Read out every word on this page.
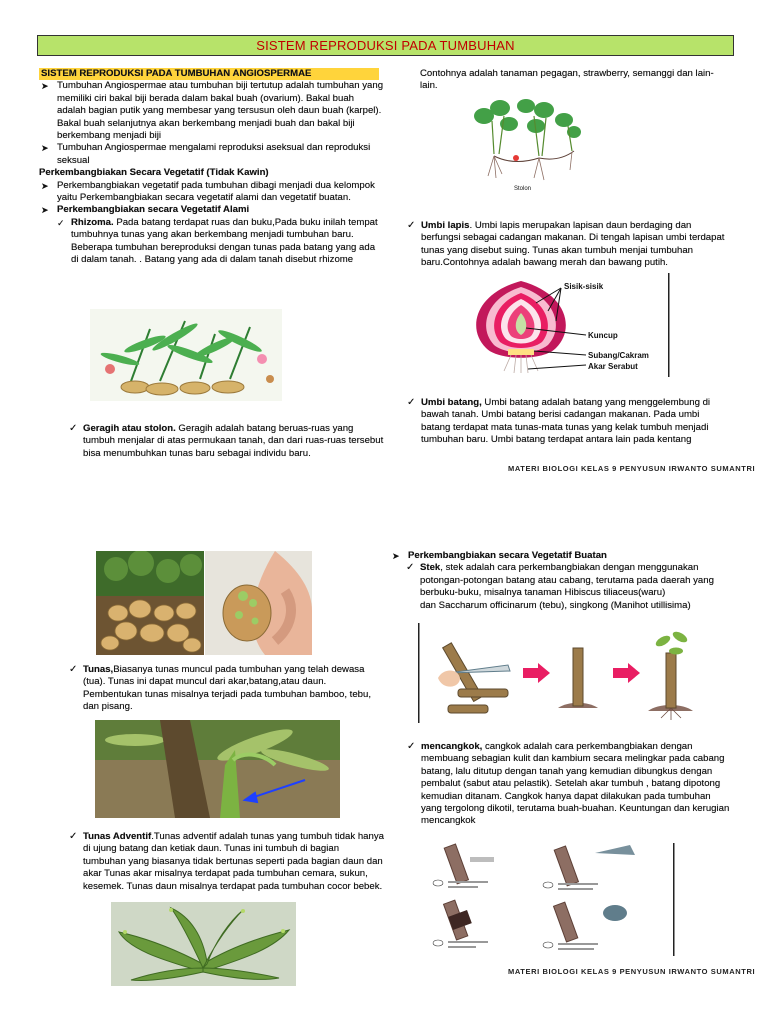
SISTEM REPRODUKSI PADA TUMBUHAN
SISTEM REPRODUKSI PADA TUMBUHAN ANGIOSPERMAE

➤ Tumbuhan Angiospermae atau tumbuhan biji tertutup adalah tumbuhan yang memiliki ciri bakal biji berada dalam bakal buah (ovarium). Bakal buah adalah bagian putik yang membesar yang tersusun oleh daun buah (karpel). Bakal buah selanjutnya akan berkembang menjadi buah dan bakal biji berkembang menjadi biji

➤ Tumbuhan Angiospermae mengalami reproduksi aseksual dan reproduksi seksual

Perkembangbiakan Secara Vegetatif (Tidak Kawin)

➤ Perkembangbiakan vegetatif pada tumbuhan dibagi menjadi dua kelompok yaitu Perkembangbiakan secara vegetatif alami dan vegetatif buatan.

➤ Perkembangbiakan secara Vegetatif Alami

✓ Rhizoma. Pada batang terdapat ruas dan buku,Pada buku inilah tempat tumbuhnya tunas yang akan berkembang menjadi tumbuhan baru. Beberapa tumbuhan bereproduksi dengan tunas pada batang yang ada di dalam tanah. . Batang yang ada di dalam tanah disebut rhizome

✓ Geragih atau stolon. Geragih adalah batang beruas-ruas yang tumbuh menjalar di atas permukaan tanah, dan dari ruas-ruas tersebut bisa menumbuhkan tunas baru sebagai individu baru.

Contohnya adalah tanaman pegagan, strawberry, semanggi dan lain-lain.

Stolon

✓ Umbi lapis. Umbi lapis merupakan lapisan daun berdaging dan berfungsi sebagai cadangan makanan. Di tengah lapisan umbi terdapat tunas yang disebut suing. Tunas akan tumbuh menjai tumbuhan baru.Contohnya adalah bawang merah dan bawang putih.

Sisik-sisik
Kuncup
Subang/Cakram
Akar Serabut

✓ Umbi batang, Umbi batang adalah batang yang menggelembung di bawah tanah. Umbi batang berisi cadangan makanan. Pada umbi batang terdapat mata tunas-mata tunas yang kelak tumbuh menjadi tumbuhan baru. Umbi batang terdapat antara lain pada kentang

MATERI BIOLOGI KELAS 9 PENYUSUN IRWANTO SUMANTRI

✓ Tunas,Biasanya tunas muncul pada tumbuhan yang telah dewasa (tua). Tunas ini dapat muncul dari akar,batang,atau daun. Pembentukan tunas misalnya terjadi pada tumbuhan bamboo, tebu, dan pisang.

✓ Tunas Adventif.Tunas adventif adalah tunas yang tumbuh tidak hanya di ujung batang dan ketiak daun. Tunas ini tumbuh di bagian tumbuhan yang biasanya tidak bertunas seperti pada bagian daun dan akar Tunas akar misalnya terdapat pada tumbuhan cemara, sukun, kesemek. Tunas daun misalnya terdapat pada tumbuhan cocor bebek.

➤ Perkembangbiakan secara Vegetatif Buatan

✓ Stek, stek adalah cara perkembangbiakan dengan menggunakan potongan-potongan batang atau cabang, terutama pada daerah yang berbuku-buku, misalnya tanaman Hibiscus tiliaceus(waru)

dan Saccharum officinarum (tebu), singkong (Manihot utillisima)

✓ mencangkok, cangkok adalah cara perkembangbiakan dengan membuang sebagian kulit dan kambium secara melingkar pada cabang batang, lalu ditutup dengan tanah yang kemudian dibungkus dengan pembalut (sabut atau pelastik). Setelah akar tumbuh , batang dipotong kemudian ditanam. Cangkok hanya dapat dilakukan pada tumbuhan yang tergolong dikotil, terutama buah-buahan. Keuntungan dan kerugian mencangkok

MATERI BIOLOGI KELAS 9 PENYUSUN IRWANTO SUMANTRI
